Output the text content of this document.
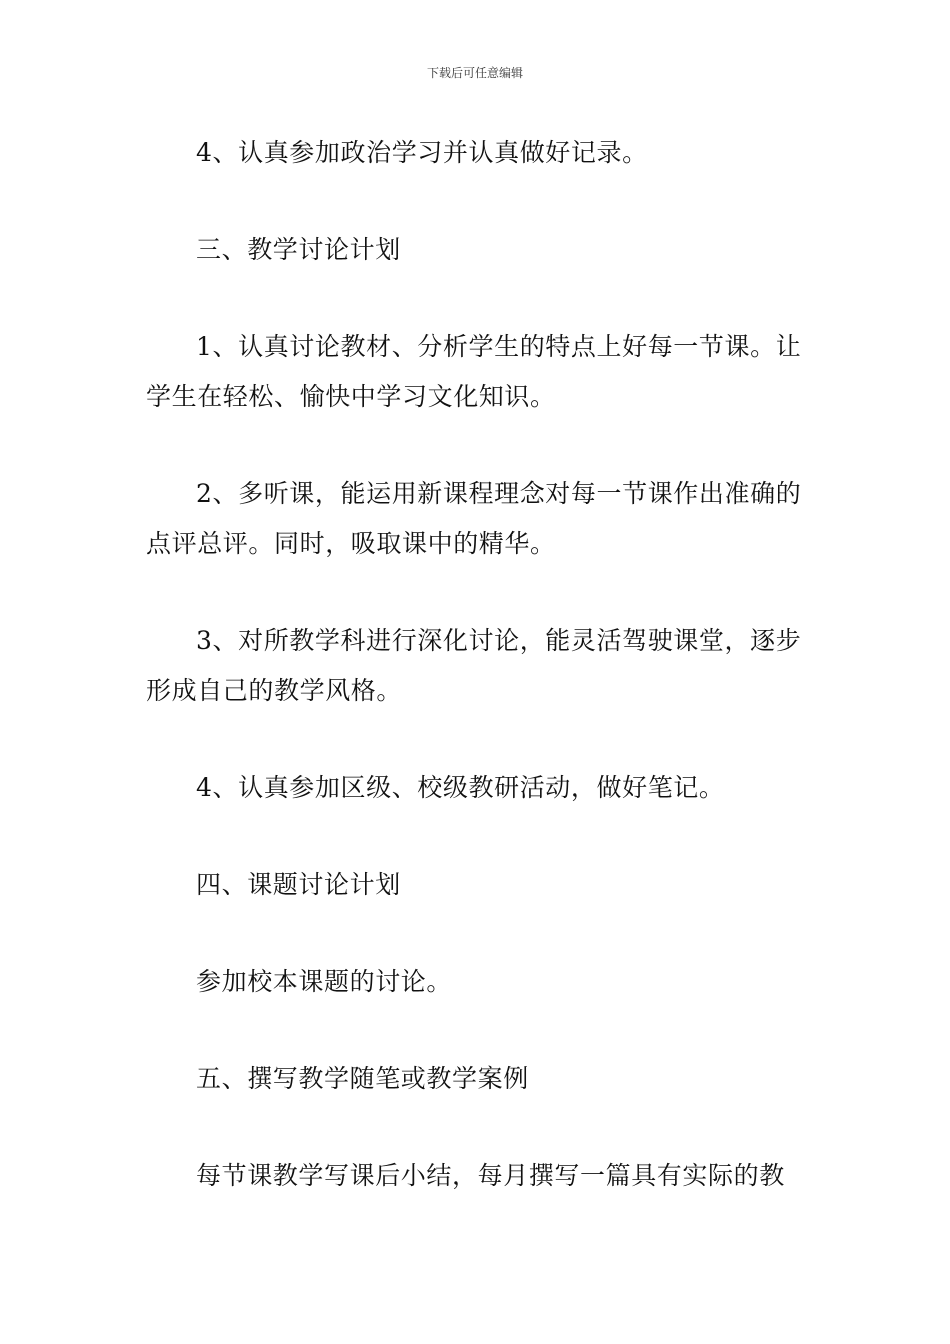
下载后可任意编辑

4、认真参加政治学习并认真做好记录。

三、教学讨论计划

1、认真讨论教材、分析学生的特点上好每一节课。让学生在轻松、愉快中学习文化知识。

2、多听课，能运用新课程理念对每一节课作出准确的点评总评。同时，吸取课中的精华。

3、对所教学科进行深化讨论，能灵活驾驶课堂，逐步形成自己的教学风格。

4、认真参加区级、校级教研活动，做好笔记。

四、课题讨论计划

参加校本课题的讨论。

五、撰写教学随笔或教学案例

每节课教学写课后小结，每月撰写一篇具有实际的教
